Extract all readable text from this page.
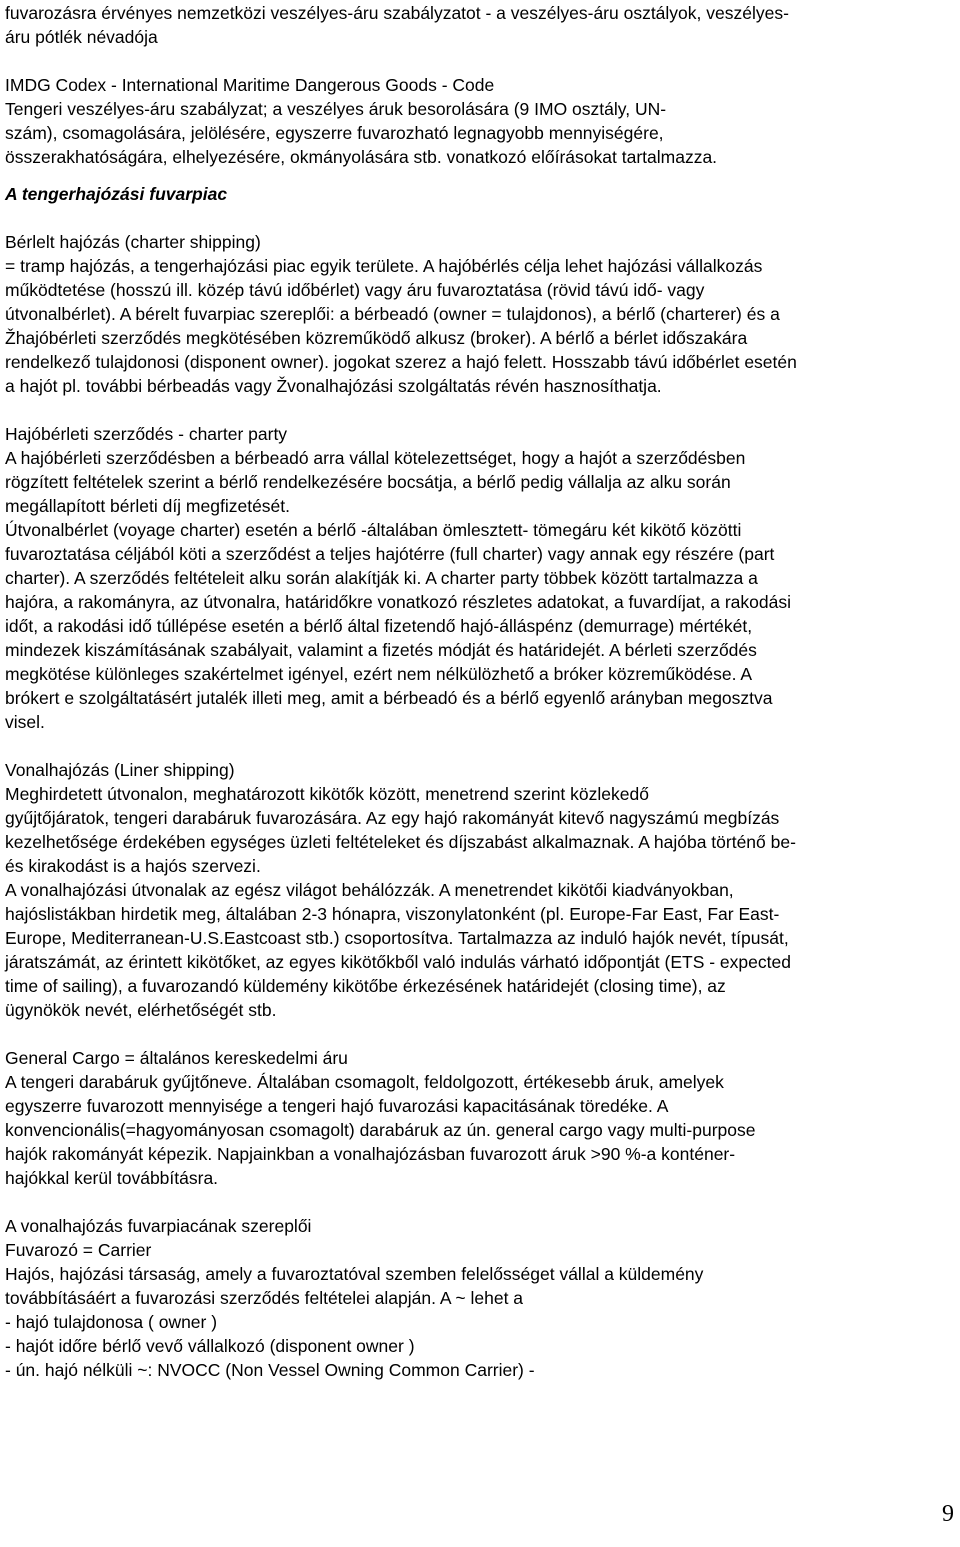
fuvarozásra érvényes nemzetközi veszélyes-áru szabályzatot - a veszélyes-áru osztályok, veszélyes-
áru pótlék névadója
IMDG Codex - International Maritime Dangerous Goods - Code
Tengeri veszélyes-áru szabályzat; a veszélyes áruk besorolására (9 IMO osztály, UN-
szám), csomagolására, jelölésére, egyszerre fuvarozható legnagyobb mennyiségére,
összerakhatóságára, elhelyezésére, okmányolására stb. vonatkozó előírásokat tartalmazza.
A tengerhajózási fuvarpiac
Bérlelt hajózás (charter shipping)
= tramp hajózás, a tengerhajózási piac egyik területe. A hajóbérlés célja lehet hajózási vállalkozás
működtetése (hosszú ill. közép távú időbérlet) vagy áru fuvaroztatása (rövid távú idő- vagy
útvonalbérlet). A bérelt fuvarpiac szereplői: a bérbeadó (owner = tulajdonos), a bérlő (charterer) és a
Žhajóbérleti szerződés megkötésében közreműködő alkusz (broker). A bérlő a bérlet időszakára
rendelkező tulajdonosi (disponent owner). jogokat szerez a hajó felett. Hosszabb távú időbérlet esetén
a hajót pl. további bérbeadás vagy Žvonalhajózási szolgáltatás révén hasznosíthatja.
Hajóbérleti szerződés - charter party
A hajóbérleti szerződésben a bérbeadó arra vállal kötelezettséget, hogy a hajót a szerződésben
rögzített feltételek szerint a bérlő rendelkezésére bocsátja, a bérlő pedig vállalja az alku során
megállapított bérleti díj megfizetését.
Útvonalbérlet (voyage charter) esetén a bérlő -általában ömlesztett- tömegáru két kikötő közötti
fuvaroztatása céljából köti a szerződést a teljes hajótérre (full charter) vagy annak egy részére (part
charter). A szerződés feltételeit alku során alakítják ki. A charter party többek között tartalmazza a
hajóra, a rakományra, az útvonalra, határidőkre vonatkozó részletes adatokat, a fuvardíjat, a rakodási
időt, a rakodási idő túllépése esetén a bérlő által fizetendő hajó-álláspénz (demurrage) mértékét,
mindezek kiszámításának szabályait, valamint a fizetés módját és határidejét. A bérleti szerződés
megkötése különleges szakértelmet igényel, ezért nem nélkülözhető a bróker közreműködése. A
brókert e szolgáltatásért jutalék illeti meg, amit a bérbeadó és a bérlő egyenlő arányban megosztva
visel.
Vonalhajózás (Liner shipping)
Meghirdetett útvonalon, meghatározott kikötők között, menetrend szerint közlekedő
gyűjtőjáratok, tengeri darabáruk fuvarozására. Az egy hajó rakományát kitevő nagyszámú megbízás
kezelhetősége érdekében egységes üzleti feltételeket és díjszabást alkalmaznak. A hajóba történő be-
és kirakodást is a hajós szervezi.
A vonalhajózási útvonalak az egész világot behálózzák. A menetrendet kikötői kiadványokban,
hajóslistákban hirdetik meg, általában 2-3 hónapra, viszonylatonként (pl. Europe-Far East, Far East-
Europe, Mediterranean-U.S.Eastcoast stb.) csoportosítva. Tartalmazza az induló hajók nevét, típusát,
járatszámát, az érintett kikötőket, az egyes kikötőkből való indulás várható időpontját (ETS - expected
time of sailing), a fuvarozandó küldemény kikötőbe érkezésének határidejét (closing time), az
ügynökök nevét, elérhetőségét stb.
General Cargo = általános kereskedelmi áru
A tengeri darabáruk gyűjtőneve. Általában csomagolt, feldolgozott, értékesebb áruk, amelyek
egyszerre fuvarozott mennyisége a tengeri hajó fuvarozási kapacitásának töredéke. A
konvencionális(=hagyományosan csomagolt) darabáruk az ún. general cargo vagy multi-purpose
hajók rakományát képezik. Napjainkban a vonalhajózásban fuvarozott áruk >90 %-a konténer-
hajókkal kerül továbbításra.
A vonalhajózás fuvarpiacának szereplői
Fuvarozó = Carrier
Hajós, hajózási társaság, amely a fuvaroztatóval szemben felelősséget vállal a küldemény
továbbításáért a fuvarozási szerződés feltételei alapján. A ~ lehet a
- hajó tulajdonosa ( owner )
- hajót időre bérlő vevő vállalkozó (disponent owner )
- ún. hajó nélküli ~: NVOCC (Non Vessel Owning Common Carrier) -
9
